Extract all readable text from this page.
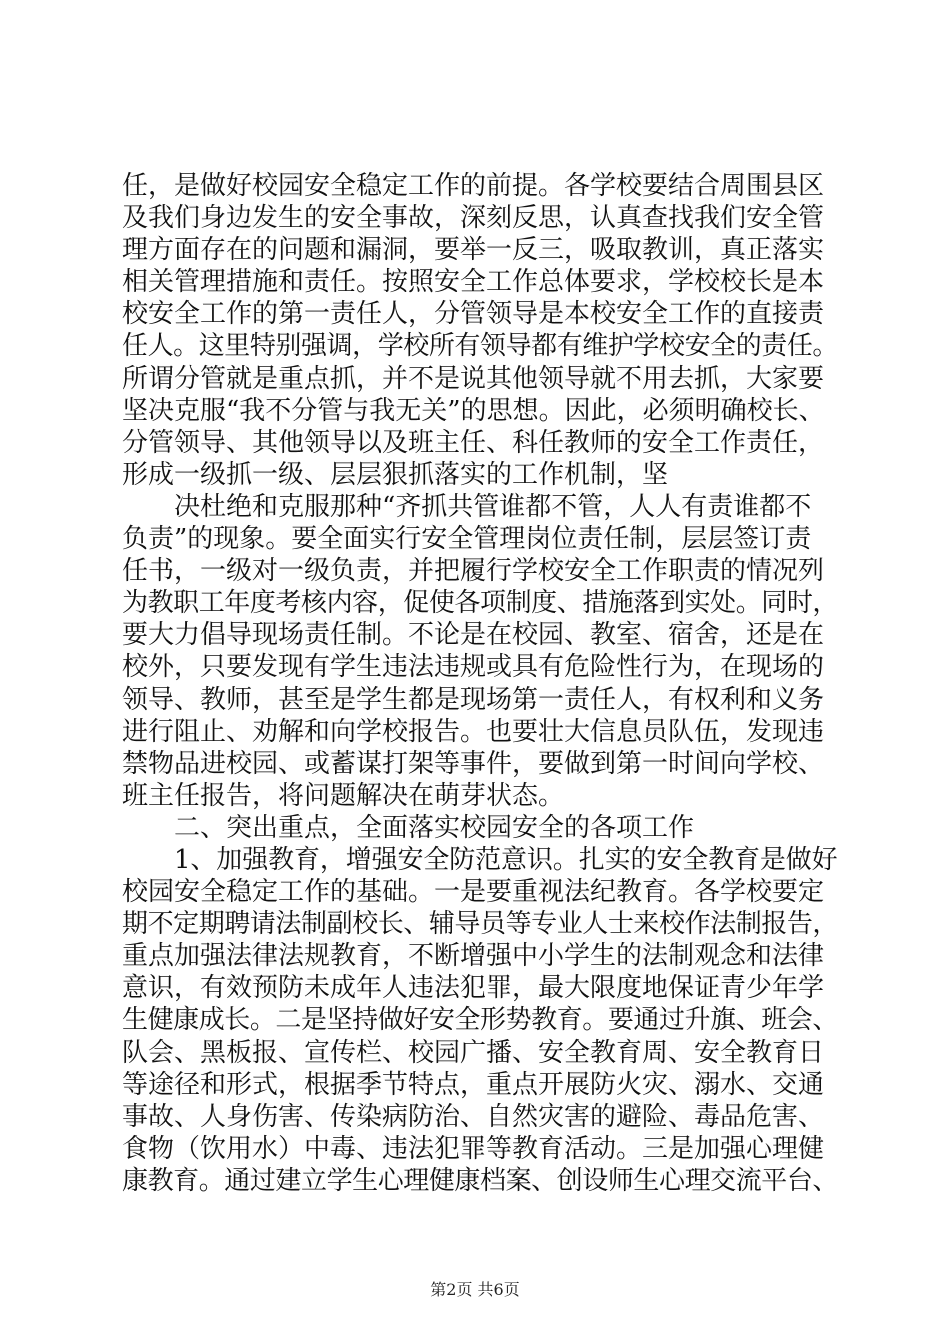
任，是做好校园安全稳定工作的前提。各学校要结合周围县区
及我们身边发生的安全事故，深刻反思，认真查找我们安全管
理方面存在的问题和漏洞，要举一反三，吸取教训，真正落实
相关管理措施和责任。按照安全工作总体要求，学校校长是本
校安全工作的第一责任人，分管领导是本校安全工作的直接责
任人。这里特别强调，学校所有领导都有维护学校安全的责任。
所谓分管就是重点抓，并不是说其他领导就不用去抓，大家要
坚决克服“我不分管与我无关”的思想。因此，必须明确校长、
分管领导、其他领导以及班主任、科任教师的安全工作责任，
形成一级抓一级、层层狠抓落实的工作机制，坚
决杜绝和克服那种“齐抓共管谁都不管，人人有责谁都不
负责”的现象。要全面实行安全管理岗位责任制，层层签订责
任书，一级对一级负责，并把履行学校安全工作职责的情况列
为教职工年度考核内容，促使各项制度、措施落到实处。同时，
要大力倡导现场责任制。不论是在校园、教室、宿舍，还是在
校外，只要发现有学生违法违规或具有危险性行为，在现场的
领导、教师，甚至是学生都是现场第一责任人，有权利和义务
进行阻止、劝解和向学校报告。也要壮大信息员队伍，发现违
禁物品进校园、或蓄谋打架等事件，要做到第一时间向学校、
班主任报告，将问题解决在萌芽状态。
二、突出重点，全面落实校园安全的各项工作
1、加强教育，增强安全防范意识。扎实的安全教育是做好
校园安全稳定工作的基础。一是要重视法纪教育。各学校要定
期不定期聘请法制副校长、辅导员等专业人士来校作法制报告，
重点加强法律法规教育，不断增强中小学生的法制观念和法律
意识，有效预防未成年人违法犯罪，最大限度地保证青少年学
生健康成长。二是坚持做好安全形势教育。要通过升旗、班会、
队会、黑板报、宣传栏、校园广播、安全教育周、安全教育日
等途径和形式，根据季节特点，重点开展防火灾、溺水、交通
事故、人身伤害、传染病防治、自然灾害的避险、毒品危害、
食物（饮用水）中毒、违法犯罪等教育活动。三是加强心理健
康教育。通过建立学生心理健康档案、创设师生心理交流平台、
第2页 共6页
